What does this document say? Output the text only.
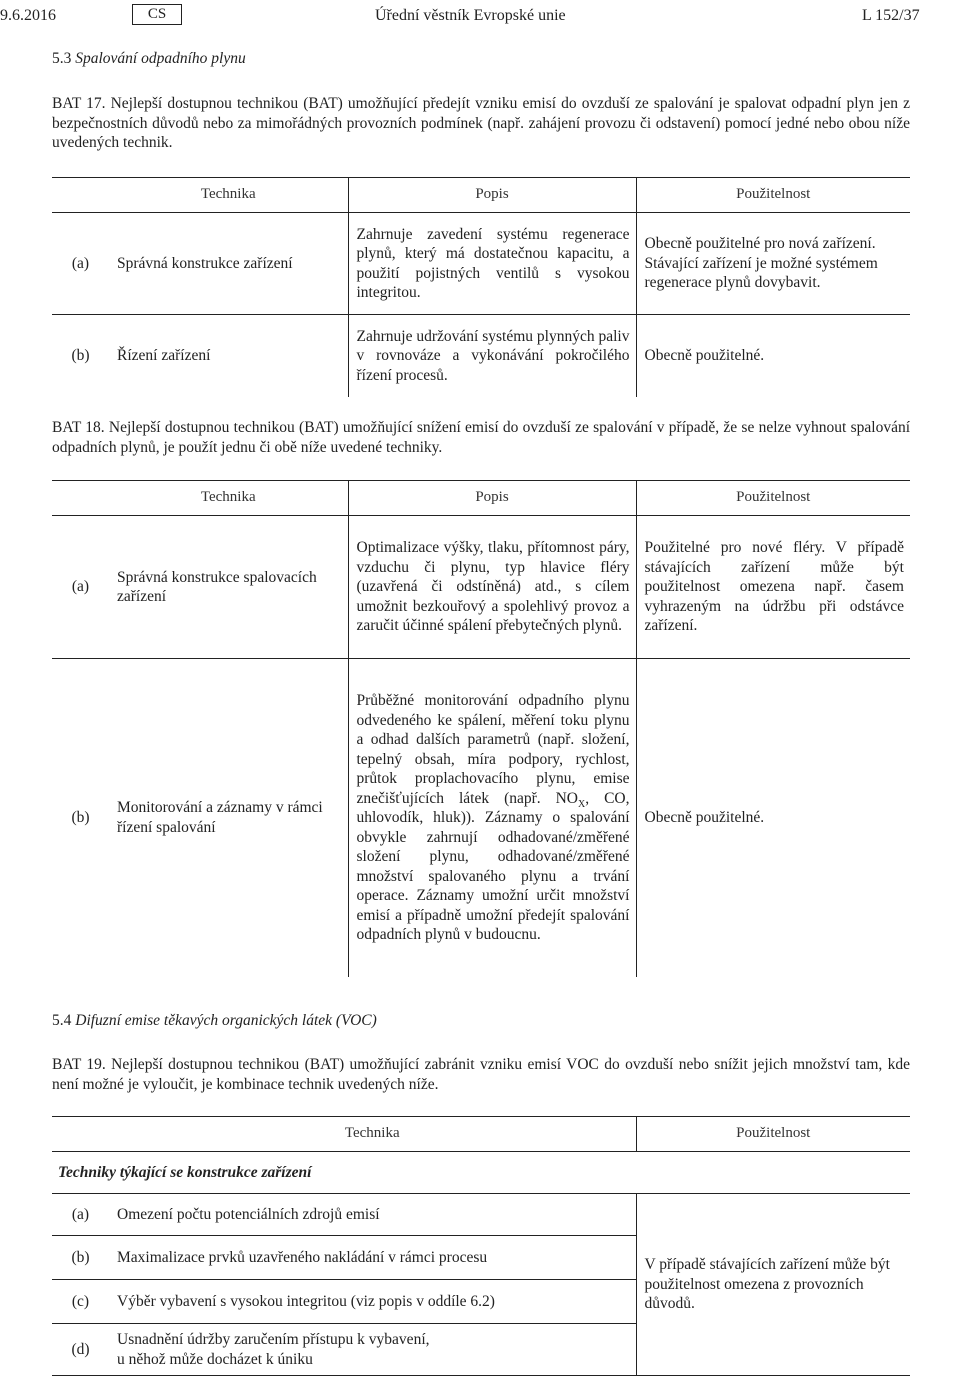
9.6.2016	CS	Úřední věstník Evropské unie	L 152/37
5.3 Spalování odpadního plynu
BAT 17. Nejlepší dostupnou technikou (BAT) umožňující předejít vzniku emisí do ovzduší ze spalování je spalovat odpadní plyn jen z bezpečnostních důvodů nebo za mimořádných provozních podmínek (např. zahájení provozu či odstavení) pomocí jedné nebo obou níže uvedených technik.
	Technika	Popis	Použitelnost
(a)	Správná konstrukce zařízení	Zahrnuje zavedení systému regenerace plynů, který má dostatečnou kapacitu, a použití pojistných ventilů s vysokou integritou.	Obecně použitelné pro nová zařízení. Stávající zařízení je možné systémem regenerace plynů dovybavit.
(b)	Řízení zařízení	Zahrnuje udržování systému plynných paliv v rovnováze a vykonávání pokročilého řízení procesů.	Obecně použitelné.
BAT 18. Nejlepší dostupnou technikou (BAT) umožňující snížení emisí do ovzduší ze spalování v případě, že se nelze vyhnout spalování odpadních plynů, je použít jednu či obě níže uvedené techniky.
	Technika	Popis	Použitelnost
(a)	Správná konstrukce spalovacích zařízení	Optimalizace výšky, tlaku, přítomnost páry, vzduchu či plynu, typ hlavice fléry (uzavřená či odstíněná) atd., s cílem umožnit bezkouřový a spolehlivý provoz a zaručit účinné spálení přebytečných plynů.	Použitelné pro nové fléry. V případě stávajících zařízení může být použitelnost omezena např. časem vyhrazeným na údržbu při odstávce zařízení.
(b)	Monitorování a záznamy v rámci řízení spalování	Průběžné monitorování odpadního plynu odvedeného ke spálení, měření toku plynu a odhad dalších parametrů (např. složení, tepelný obsah, míra podpory, rychlost, průtok proplachovacího plynu, emise znečišťujících látek (např. $NO_X$, CO, uhlovodík, hluk)). Záznamy o spalování obvykle zahrnují odhadované/změřené složení plynu, odhadované/změřené množství spalovaného plynu a trvání operace. Záznamy umožní určit množství emisí a případně umožní předejít spalování odpadních plynů v budoucnu.	Obecně použitelné.
5.4 Difuzní emise těkavých organických látek (VOC)
BAT 19. Nejlepší dostupnou technikou (BAT) umožňující zabránit vzniku emisí VOC do ovzduší nebo snížit jejich množství tam, kde není možné je vyloučit, je kombinace technik uvedených níže.
	Technika	Použitelnost
Techniky týkající se konstrukce zařízení		
(a)	Omezení počtu potenciálních zdrojů emisí	V případě stávajících zařízení může být použitelnost omezena z provozních důvodů.
(b)	Maximalizace prvků uzavřeného nakládání v rámci procesu	
(c)	Výběr vybavení s vysokou integritou (viz popis v oddíle 6.2)	
(d)	Usnadnění údržby zaručením přístupu k vybavení, u něhož může docházet k úniku	
